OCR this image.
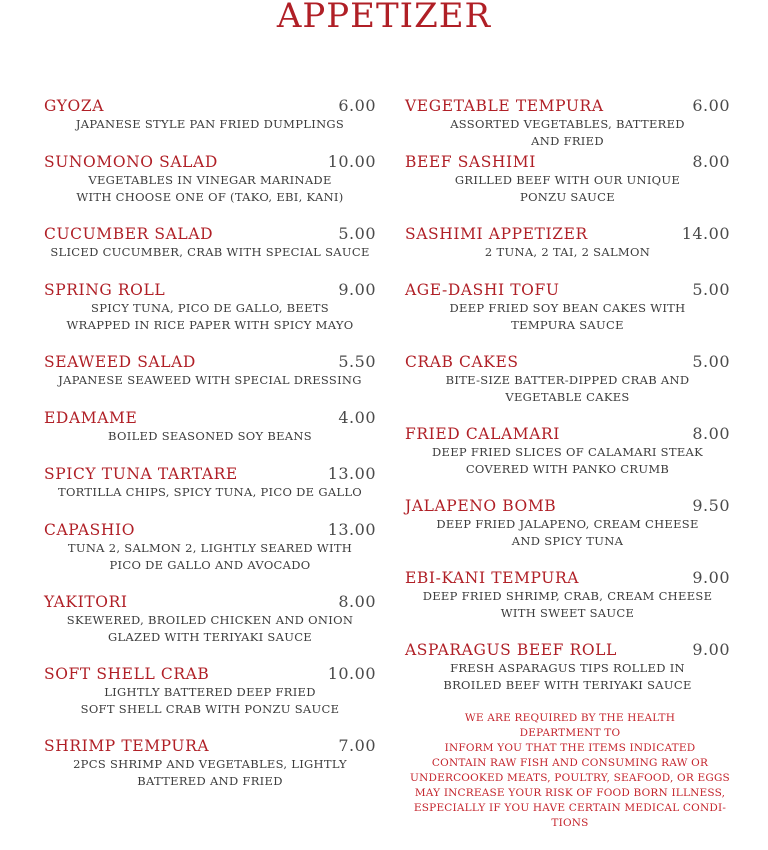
APPETIZER
GYOZA	6.00
JAPANESE STYLE PAN FRIED DUMPLINGS
SUNOMONO SALAD	10.00
VEGETABLES IN VINEGAR MARINADE
WITH CHOOSE ONE OF (TAKO, EBI, KANI)
CUCUMBER SALAD	5.00
SLICED CUCUMBER, CRAB WITH SPECIAL SAUCE
SPRING ROLL	9.00
SPICY TUNA, PICO DE GALLO, BEETS
WRAPPED IN RICE PAPER WITH SPICY MAYO
SEAWEED SALAD	5.50
JAPANESE SEAWEED WITH SPECIAL DRESSING
EDAMAME	4.00
BOILED SEASONED SOY BEANS
SPICY TUNA TARTARE	13.00
TORTILLA CHIPS, SPICY TUNA, PICO DE GALLO
CAPASHIO	13.00
TUNA 2, SALMON 2, LIGHTLY SEARED WITH
PICO DE GALLO AND AVOCADO
YAKITORI	8.00
SKEWERED, BROILED CHICKEN AND ONION
GLAZED WITH TERIYAKI SAUCE
SOFT SHELL CRAB	10.00
LIGHTLY BATTERED DEEP FRIED
SOFT SHELL CRAB WITH PONZU SAUCE
SHRIMP TEMPURA	7.00
2PCS SHRIMP AND VEGETABLES, LIGHTLY
BATTERED AND FRIED
VEGETABLE TEMPURA	6.00
ASSORTED VEGETABLES, BATTERED
AND FRIED
BEEF SASHIMI	8.00
GRILLED BEEF WITH OUR UNIQUE
PONZU SAUCE
SASHIMI APPETIZER	14.00
2 TUNA, 2 TAI, 2 SALMON
AGE-DASHI TOFU	5.00
DEEP FRIED SOY BEAN CAKES WITH
TEMPURA SAUCE
CRAB CAKES	5.00
BITE-SIZE BATTER-DIPPED CRAB AND
VEGETABLE CAKES
FRIED CALAMARI	8.00
DEEP FRIED SLICES OF CALAMARI STEAK
COVERED WITH PANKO CRUMB
JALAPENO BOMB	9.50
DEEP FRIED JALAPENO, CREAM CHEESE
AND SPICY TUNA
EBI-KANI TEMPURA	9.00
DEEP FRIED SHRIMP, CRAB, CREAM CHEESE
WITH SWEET SAUCE
ASPARAGUS BEEF ROLL	9.00
FRESH ASPARAGUS TIPS ROLLED IN
BROILED BEEF WITH TERIYAKI SAUCE
WE ARE REQUIRED BY THE HEALTH
DEPARTMENT TO
INFORM YOU THAT THE ITEMS INDICATED
CONTAIN RAW FISH AND CONSUMING RAW OR
UNDERCOOKED MEATS, POULTRY, SEAFOOD, OR EGGS
MAY INCREASE YOUR RISK OF FOOD BORN ILLNESS,
ESPECIALLY IF YOU HAVE CERTAIN MEDICAL CONDI-
TIONS
